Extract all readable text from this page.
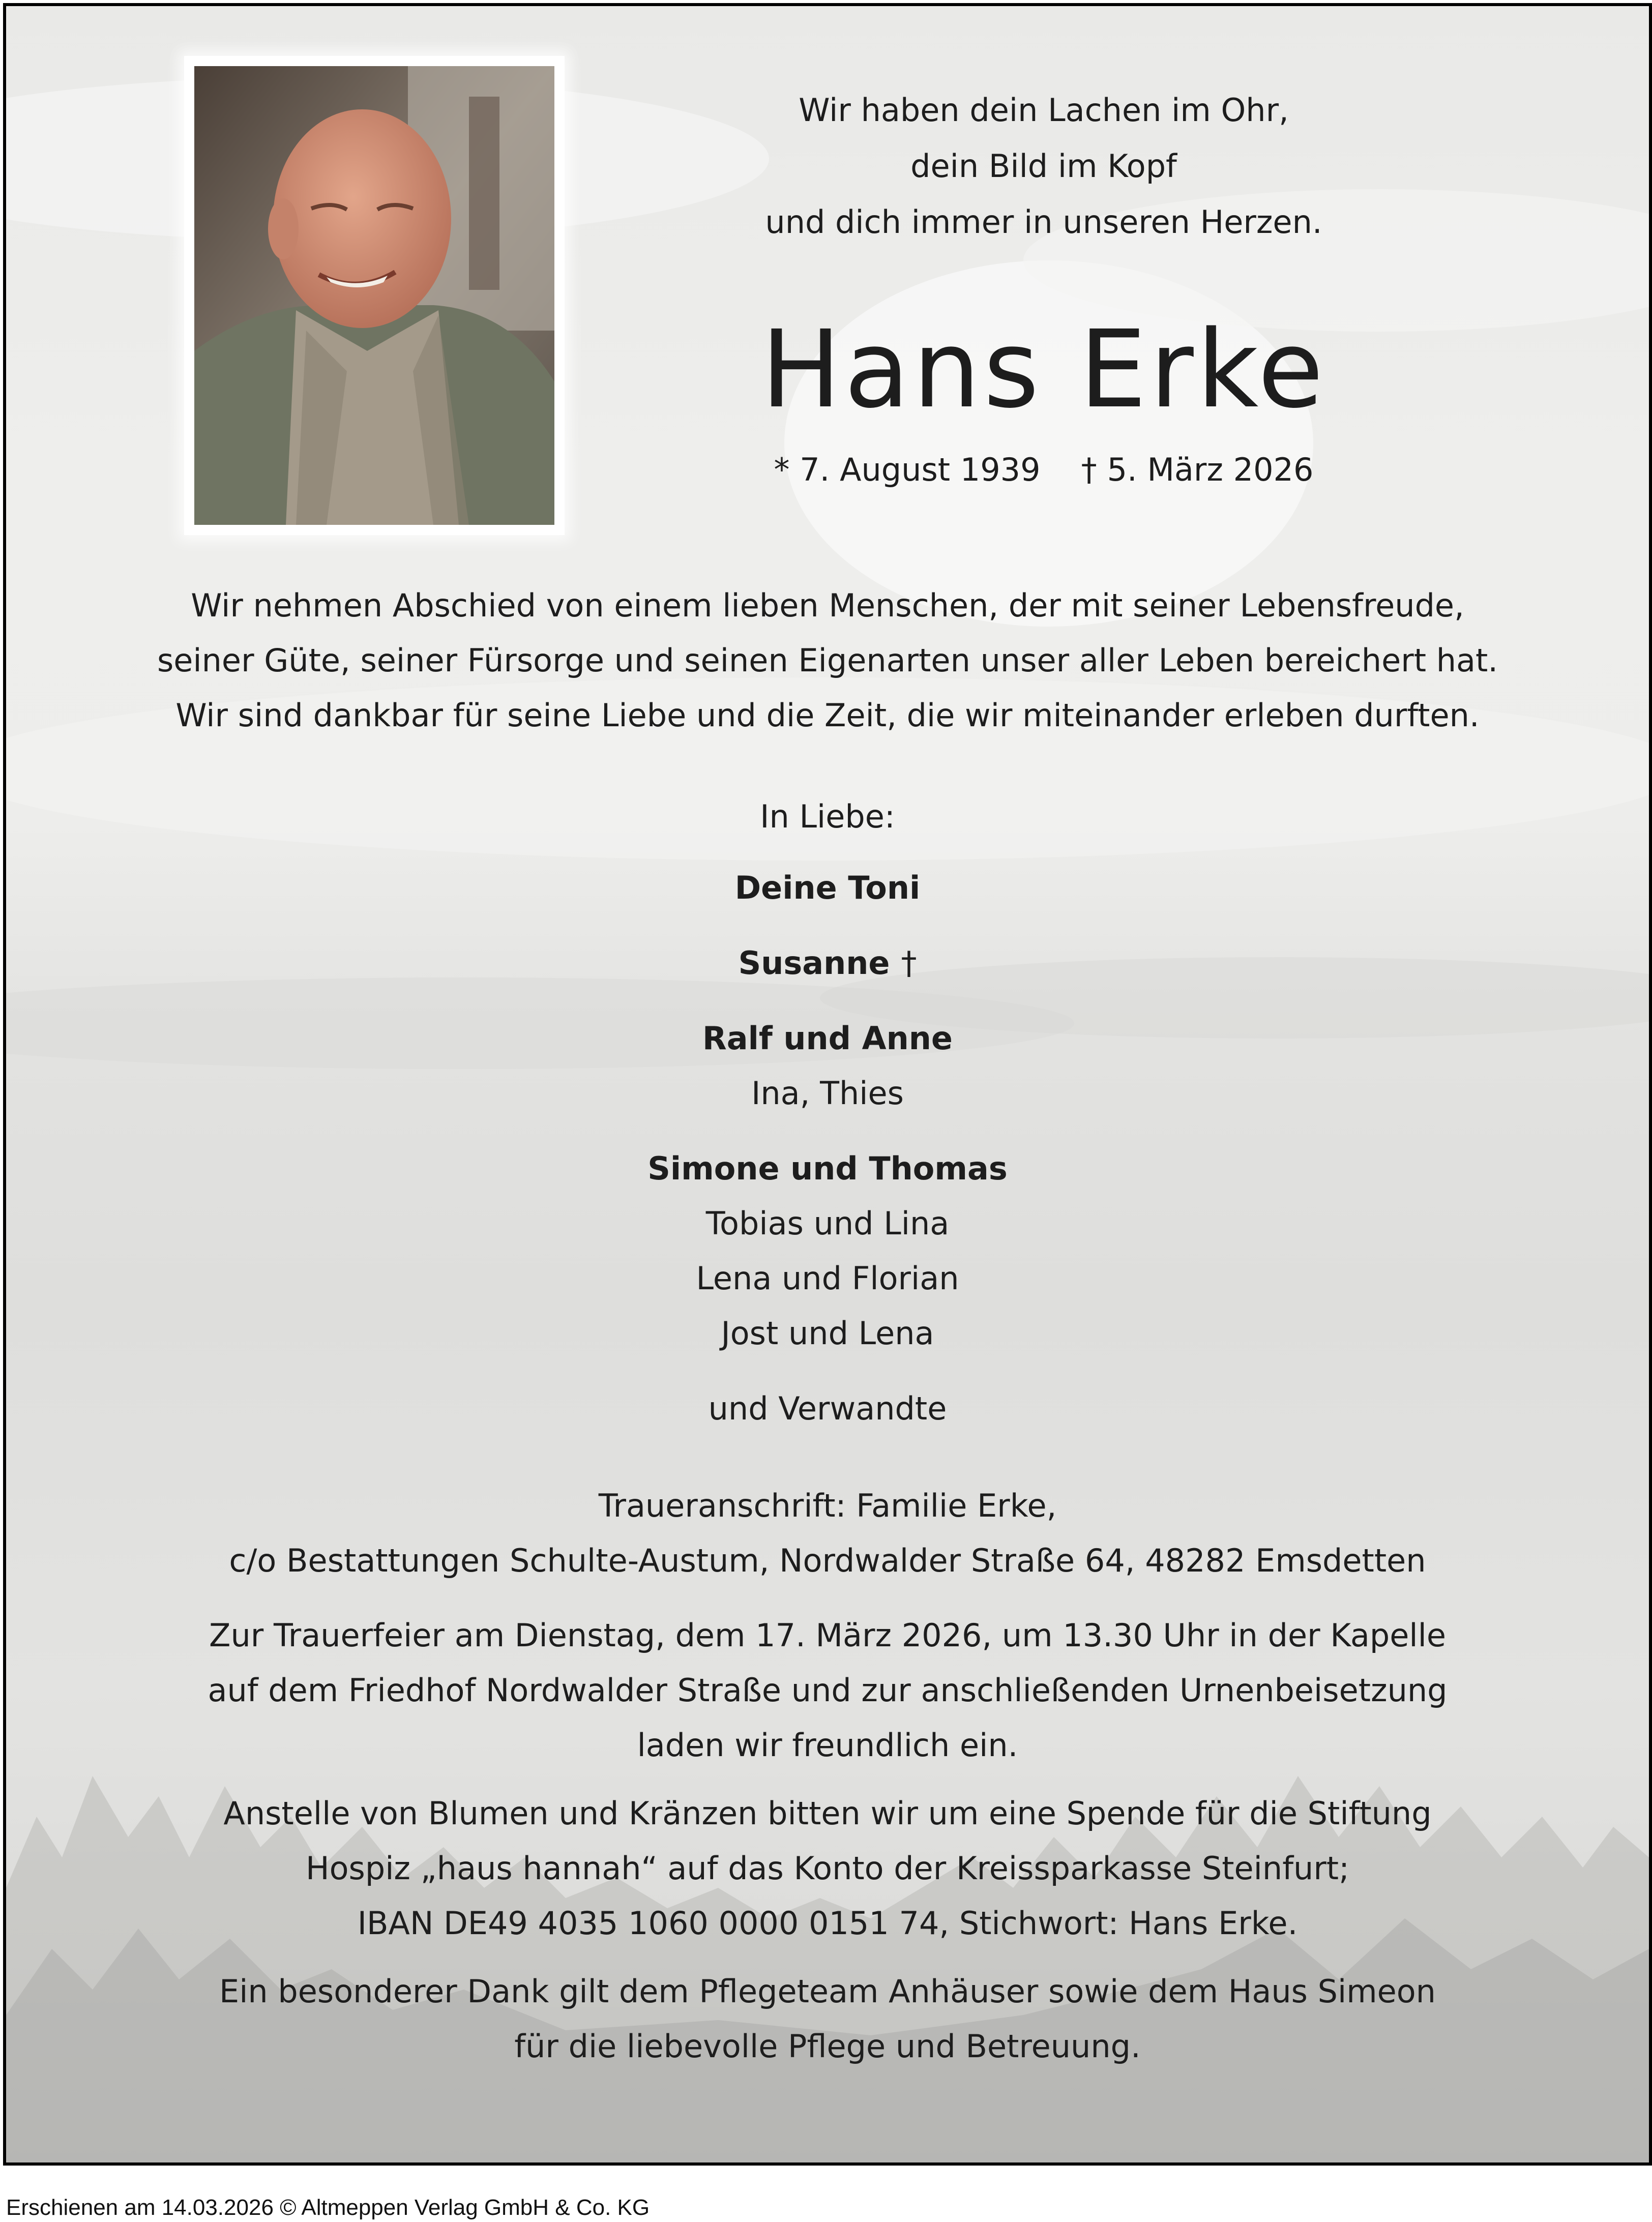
Wir haben dein Lachen im Ohr,
dein Bild im Kopf
und dich immer in unseren Herzen.
Hans Erke
* 7. August 1939 † 5. März 2026
Wir nehmen Abschied von einem lieben Menschen, der mit seiner Lebensfreude,
seiner Güte, seiner Fürsorge und seinen Eigenarten unser aller Leben bereichert hat.
Wir sind dankbar für seine Liebe und die Zeit, die wir miteinander erleben durften.
In Liebe:
Deine Toni
Susanne †
Ralf und Anne
Ina, Thies
Simone und Thomas
Tobias und Lina
Lena und Florian
Jost und Lena
und Verwandte
Traueranschrift: Familie Erke,
c/o Bestattungen Schulte-Austum, Nordwalder Straße 64, 48282 Emsdetten
Zur Trauerfeier am Dienstag, dem 17. März 2026, um 13.30 Uhr in der Kapelle
auf dem Friedhof Nordwalder Straße und zur anschließenden Urnenbeisetzung
laden wir freundlich ein.
Anstelle von Blumen und Kränzen bitten wir um eine Spende für die Stiftung
Hospiz „haus hannah“ auf das Konto der Kreissparkasse Steinfurt;
IBAN DE49 4035 1060 0000 0151 74, Stichwort: Hans Erke.
Ein besonderer Dank gilt dem Pflegeteam Anhäuser sowie dem Haus Simeon
für die liebevolle Pflege und Betreuung.
Erschienen am 14.03.2026 © Altmeppen Verlag GmbH & Co. KG
